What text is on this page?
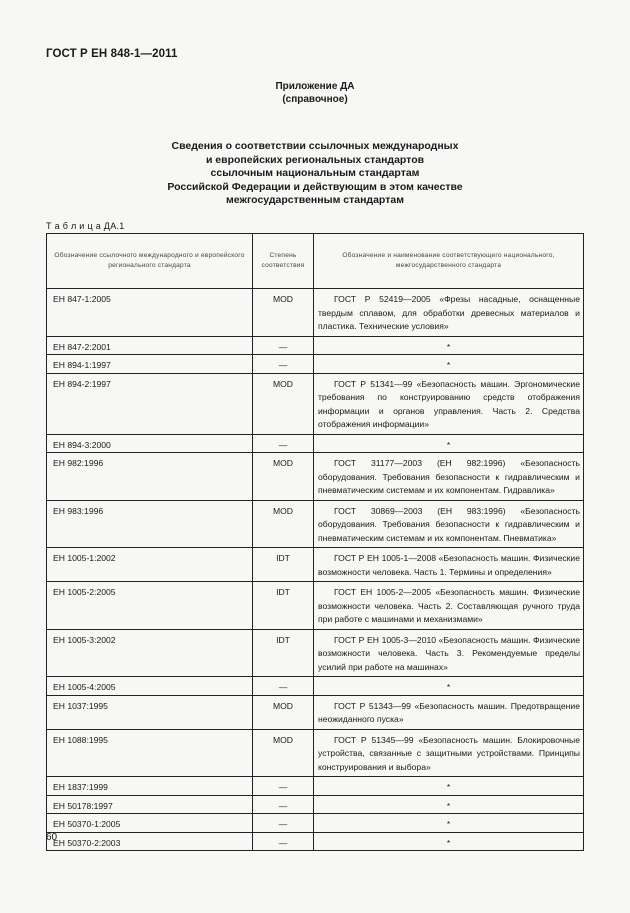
ГОСТ Р ЕН 848-1—2011
Приложение ДА
(справочное)
Сведения о соответствии ссылочных международных
и европейских региональных стандартов
ссылочным национальным стандартам
Российской Федерации и действующим в этом качестве
межгосударственным стандартам
Т а б л и ц а ДА.1
Обозначение ссылочного международного и европейского регионального стандарта	Степень соответствия	Обозначение и наименование соответствующего национального, межгосударственного стандарта
ЕН 847-1:2005	MOD	ГОСТ Р 52419—2005 «Фрезы насадные, оснащенные твердым сплавом, для обработки древесных материалов и пластика. Технические условия»
ЕН 847-2:2001	—	*
ЕН 894-1:1997	—	*
ЕН 894-2:1997	MOD	ГОСТ Р 51341—99 «Безопасность машин. Эргономические требования по конструированию средств отображения информации и органов управления. Часть 2. Средства отображения информации»
ЕН 894-3:2000	—	*
ЕН 982:1996	MOD	ГОСТ 31177—2003 (ЕН 982:1996) «Безопасность оборудования. Требования безопасности к гидравлическим и пневматическим системам и их компонентам. Гидравлика»
ЕН 983:1996	MOD	ГОСТ 30869—2003 (ЕН 983:1996) «Безопасность оборудования. Требования безопасности к гидравлическим и пневматическим системам и их компонентам. Пневматика»
ЕН 1005-1:2002	IDT	ГОСТ Р ЕН 1005-1—2008 «Безопасность машин. Физические возможности человека. Часть 1. Термины и определения»
ЕН 1005-2:2005	IDT	ГОСТ ЕН 1005-2—2005 «Безопасность машин. Физические возможности человека. Часть 2. Составляющая ручного труда при работе с машинами и механизмами»
ЕН 1005-3:2002	IDT	ГОСТ Р ЕН 1005-3—2010 «Безопасность машин. Физические возможности человека. Часть 3. Рекомендуемые пределы усилий при работе на машинах»
ЕН 1005-4:2005	—	*
ЕН 1037:1995	MOD	ГОСТ Р 51343—99 «Безопасность машин. Предотвращение неожиданного пуска»
ЕН 1088:1995	MOD	ГОСТ Р 51345—99 «Безопасность машин. Блокировочные устройства, связанные с защитными устройствами. Принципы конструирования и выбора»
ЕН 1837:1999	—	*
ЕН 50178:1997	—	*
ЕН 50370-1:2005	—	*
ЕН 50370-2:2003	—	*
60
